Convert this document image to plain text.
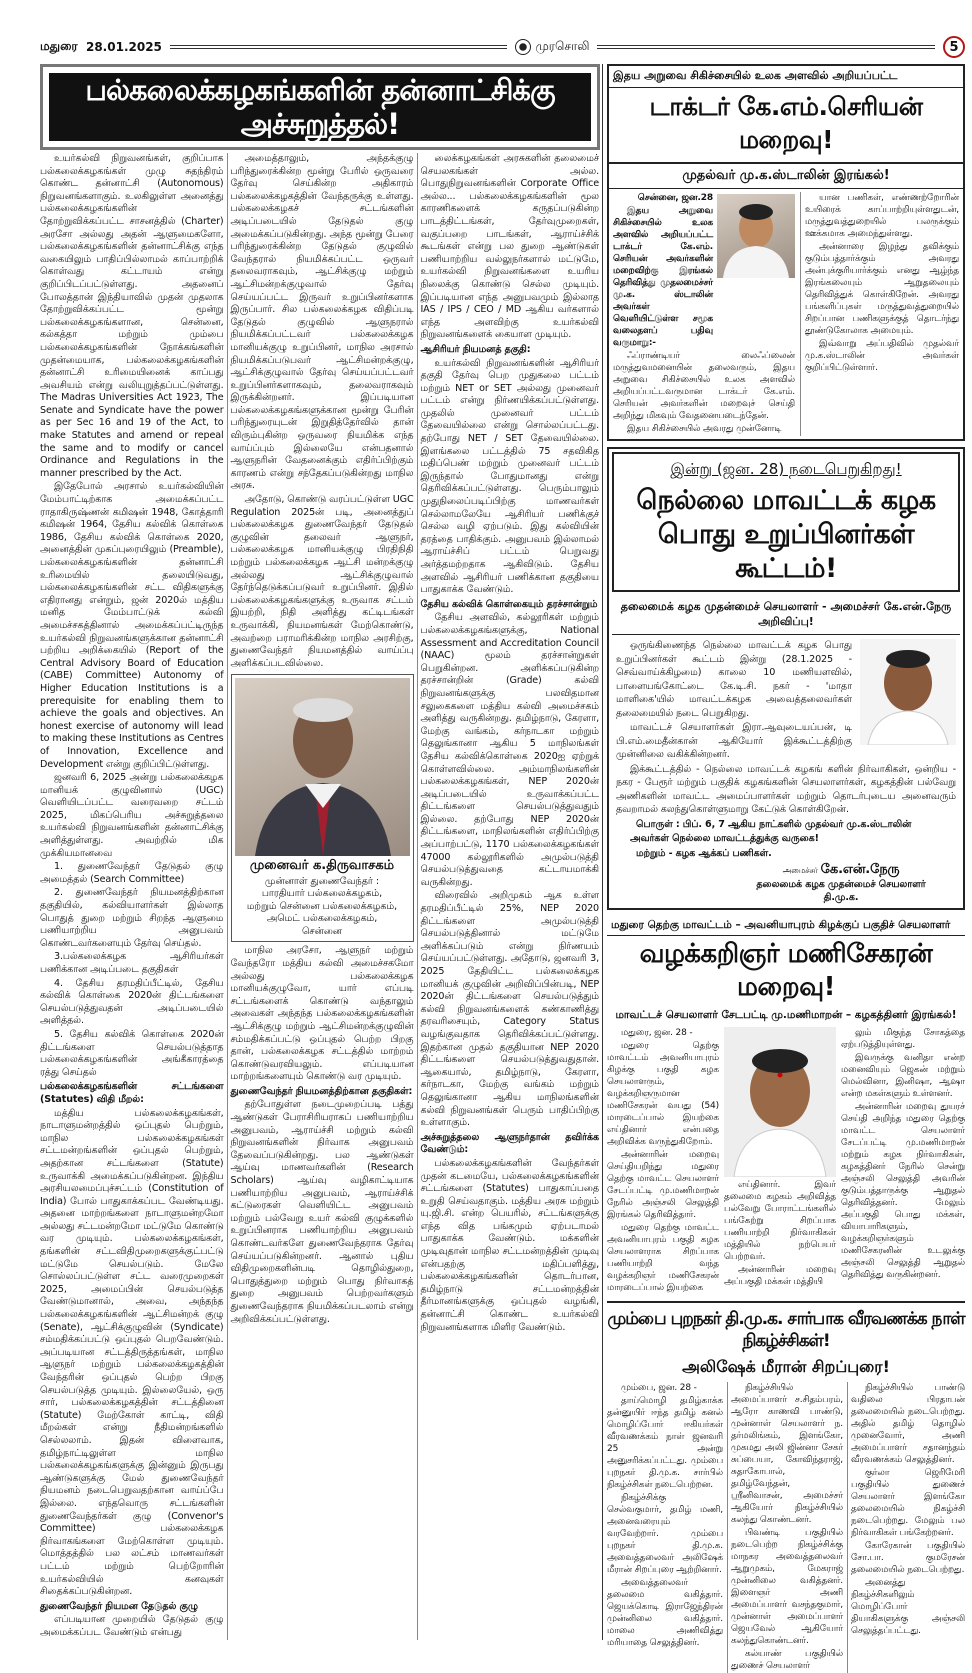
மதுரை
28.01.2025	முரசொலி	5
பல்கலைக்கழகங்களின் தன்னாட்சிக்கு அச்சுறுத்தல்!

உயர்கல்வி நிறுவனங்கள், குறிப்பாக பல்கலைக்கழகங்கள் முழு சுதந்திரம் கொண்ட தன்னாட்சி (Autonomous) நிறுவனங்களாகும். உலகிலுள்ள அனைத்து பல்கலைக்கழகங்களின் தோற்றுவிக்கப்பட்ட சாசனத்தில் (Charter) அரசோ அல்லது அதன் ஆளுமைகளோ, பல்கலைக்கழகங்களின் தன்னாட்சிக்கு எந்த வகையிலும் பாதிப்பில்லாமல் காப்பாற்றிக் கொள்வது கட்டாயம் என்று குறிப்பிடப்பட்டுள்ளது. அதனைப் போலத்தான் இந்தியாவில் முதன் முதலாக தோற்றுவிக்கப்பட்ட மூன்று பல்கலைக்கழகங்களான, சென்னை, கல்கத்தா மற்றும் மும்பை பல்கலைக்கழகங்களின் நோக்கங்களின் முதன்மையாக, பல்கலைக்கழகங்களின் தன்னாட்சி உரிமையினைக் காப்பது அவசியம் என்று வலியுறுத்தப்பட்டுள்ளது. The Madras Universities Act 1923, The Senate and Syndicate have the power as per Sec 16 and 19 of the Act, to make Statutes and amend or repeal the same and to modify or cancel Ordinance and Regulations in the manner prescribed by the Act.

இதேபோல் அரசால் உயர்கல்வியின் மேம்பாட்டிற்காக அமைக்கப்பட்ட ராதாகிருஷ்ணன் கமிஷன் 1948, கோத்தாரி கமிஷன் 1964, தேசிய கல்விக் கொள்கை 1986, தேசிய கல்விக் கொள்கை 2020, அனைத்தின் முகப்புரையிலும் (Preamble), பல்கலைக்கழகங்களின் தன்னாட்சி உரிமையில் தலையிடுவது, பல்கலைக்கழகங்களின் சட்ட விதிகளுக்கு எதிரானது என்றும், ஜன் 2020ல் மத்திய மனித மேம்பாட்டுக் கல்வி அமைச்சகத்தினால் அமைக்கப்பட்டிருந்த உயர்கல்வி நிறுவனங்களுக்கான தன்னாட்சி பற்றிய அறிக்கையில் (Report of the Central Advisory Board of Education (CABE) Committee) Autonomy of Higher Education Institutions is a prerequisite for enabling them to achieve the goals and objectives. An honest exercise of autonomy will lead to making these Institutions as Centres of Innovation, Excellence and Development என்று குறிப்பிட்டுள்ளது.

ஜனவரி 6, 2025 அன்று பல்கலைக்கழக மானியக் குழுவினால் (UGC) வெளியிடப்பட்ட வரைவறை சட்டம் 2025, மிகப்பெரிய அச்சுறுத்தலை உயர்கல்வி நிறுவனங்களின் தன்னாட்சிக்கு அளித்துள்ளது. அவற்றில் மிக முக்கியமானவை

1. துணைவேந்தர் தேடுதல் குழு அமைத்தல் (Search Committee)

2. துணைவேந்தர் நியமனத்திற்கான தகுதியில், கல்வியாளர்கள் இல்லாத பொதுத் துறை மற்றும் சிறந்த ஆளுமை பணியாற்றிய அனுபவம் கொண்டவர்களையும் தேர்வு செய்தல்.

3.பல்கலைக்கழக ஆசிரியர்கள் பணிக்கான அடிப்படை தகுதிகள்

4. தேசிய தரமதிப்பீட்டில், தேசிய கல்விக் கொள்கை 2020ன் திட்டங்களை செயல்படுத்துவதன் அடிப்படையில் அளித்தல்.

5. தேசிய கல்விக் கொள்கை 2020ன் திட்டங்களை செயல்படுத்தாத பல்கலைக்கழகங்களின் அங்கீகாரத்தை ரத்து செய்தல்

பல்கலைக்கழகங்களின் சட்டங்களை (Statutes) விதி மீறல்:

மத்திய பல்கலைக்கழகங்கள், நாடாளுமன்றத்தில் ஒப்புதல் பெற்றும், மாநில பல்கலைக்கழகங்கள் சட்டமன்றங்களின் ஒப்புதல் பெற்றும், அதற்கான சட்டங்களை (Statute) உருவாக்கி அமைக்கப்படுகின்றன. இந்திய அரசியலமைப்புச்சட்டம் (Constitution of India) போல் பாதுகாக்கப்பட வேண்டியது. அதனை மாற்றங்களை நாடாளுமன்றமோ அல்லது சட்டமன்றமோ மட்டுமே கொண்டு வர முடியும். பல்கலைக்கழகங்கள், தங்களின் சட்டவிதிமுறைகளுக்குட்பட்டு மட்டுமே செயல்படும். மேலே சொல்லப்பட்டுள்ள சட்ட வரைமுறைகள் 2025, அமைப்பின் செயல்படுத்த வேண்டுமானால், அவை, அந்தந்த பல்கலைக்கழகங்களின் ஆட்சிமன்றக் குழு (Senate), ஆட்சிக்குழுவின் (Syndicate) சம்மதிக்கப்பட்டு ஒப்புதல் பெறவேண்டும். அப்படியான சட்டத்திருத்தங்கள், மாநில ஆளுநர் மற்றும் பல்கலைக்கழகத்தின் வேந்தரின் ஒப்புதல் பெற்ற பிறகு செயல்படுத்த முடியும். இல்லையேல், ஒரு சார், பல்கலைக்கழகத்தின் சட்டத்தினை (Statute) மேற்கோள் காட்டி, விதி மீறல்கள் என்று நீதிமன்றங்களில் செல்லலாம். இதன் விளைவாக, தமிழ்நாட்டிலுள்ள மாநில பல்கலைக்கழகங்களுக்கு இன்னும் இருபது ஆண்டுகளுக்கு மேல் துணைவேந்தர் நியமனம் நடைபெறுவதற்கான வாய்ப்பே இல்லை. எந்தவொரு சட்டங்களின் துணைவேந்தர்கள் குழு (Convenor's Committee) பல்கலைக்கழக நிர்வாகங்களை மேற்கொள்ள முடியும். மொத்தத்தில் பல லட்சம் மாணவர்கள் பட்டம் மற்றும் பெற்றோரின் உயர்கல்வியில் கனவுகள் சிதைக்கப்படுகின்றன.

துணைவேந்தர் நியமன தேடுதல் குழு

எப்படியான முறையில் தேடுதல் குழு அமைக்கப்பட வேண்டும் என்பது

அமைத்தாலும், அந்தக்குழு பரிந்துரைக்கின்ற மூன்று பேரில் ஒருவரை தேர்வு செய்கின்ற அதிகாரம் பல்கலைக்கழகத்தின் வேந்தருக்கு உள்ளது. பல்கலைக்கழகச் சட்டங்களின் அடிப்படையில் தேடுதல் குழு அமைக்கப்படுகின்றது. அந்த மூன்று பேரை பரிந்துரைக்கின்ற தேடுதல் குழுவில் வேந்தரால் நியமிக்கப்பட்ட ஒருவர் தலைவராகவும், ஆட்சிக்குழு மற்றும் ஆட்சிமன்றக்குழுவால் தேர்வு செய்யப்பட்ட இருவர் உறுப்பினர்களாக இருப்பார். சில பல்கலைக்கழக விதிப்படி தேடுதல் குழுவில் ஆளுநரால் நியமிக்கப்பட்டவர் பல்கலைக்கழக மானியக்குழு உறுப்பினர், மாநில அரசால் நியமிக்கப்படுபவர் ஆட்சிமன்றக்குழு, ஆட்சிக்குழுவால் தேர்வு செய்யப்பட்டவர் உறுப்பினர்களாகவும், தலைவராகவும் இருக்கின்றனர். இப்படியான பல்கலைக்கழகங்களுக்கான மூன்று பேரின் பரிந்துரையுடன் இறுதித்தேர்வில் தான் விரும்புகின்ற ஒருவரை நியமிக்க எந்த வாய்ப்பும் இல்லையே என்பதனால் ஆளுநரின் வேதனைக்கும் எதிர்ப்பிற்கும் காரணம் என்று சந்தேகப்படுகின்றது மாநில அரசு.

அதோடு, கொண்டு வரப்பட்டுள்ள UGC Regulation 2025ன் படி, அனைத்துப் பல்கலைக்கழக துணைவேந்தர் தேடுதல் குழுவின் தலைவர் ஆளுநர், பல்கலைக்கழக மானியக்குழு பிரதிநிதி மற்றும் பல்கலைக்கழக ஆட்சி மன்றக்குழு அல்லது ஆட்சிக்குழுவால் தேர்ந்தெடுக்கப்படுவர் உறுப்பினர். இதில் பல்கலைக்கழகங்களுக்கு உருவாக சட்டம் இயற்றி, நிதி அளித்து கட்டிடங்கள் உருவாக்கி, நியமனங்கள் மேற்கொண்டு, அவற்றை பராமரிக்கின்ற மாநில அரசிற்கு, துணைவேந்தர் நியமனத்தில் வாய்ப்பு அளிக்கப்படவில்லை.

முனைவர் க.திருவாசகம்
முன்னாள் துணைவேந்தர் :
பாரதியார் பல்கலைக்கழகம்,
மற்றும் சென்னை பல்கலைக்கழகம்,
அமெட் பல்கலைக்கழகம்,
சென்னை

மாநில அரசோ, ஆளுநர் மற்றும் வேந்தரோ மத்திய கல்வி அமைச்சகமோ அல்லது பல்கலைக்கழக மானியக்குழுவோ, யார் எப்படி சட்டங்களைக் கொண்டு வந்தாலும் அவைகள் அந்தந்த பல்கலைக்கழகங்களின் ஆட்சிக்குழு மற்றும் ஆட்சிமன்றக்குழுவின் சம்மதிக்கப்பட்டு ஒப்புதல் பெற்ற பிறகு தான், பல்கலைக்கழக சட்டத்தில் மாற்றம் கொண்டுவரவியலும். எப்படியான மாற்றங்களையும் கொண்டு வர முடியும்.

துணைவேந்தர் நியமனத்திற்கான தகுதிகள்:

தற்போதுள்ள நடைமுறைப்படி பத்து ஆண்டுகள் பேராசிரியராகப் பணியாற்றிய அனுபவம், ஆராய்ச்சி மற்றும் கல்வி நிறுவனங்களின் நிர்வாக அனுபவம் தேவைப்படுகின்றது. பல ஆண்டுகள் ஆய்வு மாணவர்களின் (Research Scholars) ஆய்வு வழிகாட்டியாக பணியாற்றிய அனுபவம், ஆராய்ச்சிக் கட்டுரைகள் வெளியிட்ட அனுபவம் மற்றும் பல்வேறு உயர் கல்வி குழுக்களில் உறுப்பினராக பணியாற்றிய அனுபவம் கொண்டவர்களே துணைவேந்தராக தேர்வு செய்யப்படுகின்றனர். ஆனால் புதிய விதிமுறைகளின்படி தொழில்துறை, பொதுத்துறை மற்றும் பொது நிர்வாகத் துறை அனுபவம் பெற்றவர்களும் துணைவேந்தராக நியமிக்கப்படலாம் என்று அறிவிக்கப்பட்டுள்ளது.

லைக்கழகங்கள் அரசுகளின் தலைமைச் செயலகங்கள் அல்ல. பொதுநிறுவனங்களின் Corporate Office அல்ல... பல்கலைக்கழகங்களின் மூல காரணிகளைக் கருதப்படுகின்ற பாடத்திட்டங்கள், தேர்வுமுறைகள், வகுப்பறை பாடங்கள், ஆராய்ச்சிக் கூடங்கள் என்று பல துறை ஆண்டுகள் பணியாற்றிய வல்லுநர்களால் மட்டுமே, உயர்கல்வி நிறுவனங்களை உயரிய நிலைக்கு கொண்டு செல்ல முடியும். இப்படியான எந்த அனுபவமும் இல்லாத IAS / IPS / CEO / MD ஆகிய வர்களால் எந்த அளவிற்கு உயர்கல்வி நிறுவனங்களைக் கையாள முடியும்.

ஆசிரியர் நியமனத் தகுதி:

உயர்கல்வி நிறுவனங்களின் ஆசிரியர் தகுதி தேர்வு பெற முதுகலை பட்டம் மற்றும் NET or SET அல்லது முனைவர் பட்டம் என்று நிர்ணயிக்கப்பட்டுள்ளது. முதலில் முனைவர் பட்டம் தேவையில்லை என்று சொல்லப்பட்டது. தற்போது NET / SET தேவையில்லை. இளங்கலை பட்டத்தில் 75 சதவிகித மதிப்பெண் மற்றும் முனைவர் பட்டம் இருந்தால் போதுமானது என்று தெரிவிக்கப்பட்டுள்ளது. பெரும்பாலும் முதுநிலைப்படிப்பிற்கு மாணவர்கள் செல்லாமலேயே ஆசிரியர் பணிக்குச் செல்ல வழி ஏற்படும். இது கல்வியின் தரத்தை பாதிக்கும். அனுபவம் இல்லாமல் ஆராய்ச்சிப் பட்டம் பெறுவது அர்த்தமற்றதாக ஆகிவிடும். தேசிய அளவில் ஆசிரியர் பணிக்கான தகுதியை பாதுகாக்க வேண்டும்.

தேசிய கல்விக் கொள்கையும் தரச்சான்றும்

தேசிய அளவில், கல்லூரிகள் மற்றும் பல்கலைக்கழகங்களுக்கு, National Assessment and Accreditation Council (NAAC) மூலம் தரச்சான்றுகள் பெறுகின்றன. அளிக்கப்படுகின்ற தரச்சான்றின் (Grade) கல்வி நிறுவனங்களுக்கு பலவிதமான சலுகைகளை மத்திய கல்வி அமைச்சகம் அளித்து வருகின்றது. தமிழ்நாடு, கேரளா, மேற்கு வங்கம், கர்நாடகா மற்றும் தெலுங்கானா ஆகிய 5 மாநிலங்கள் தேசிய கல்விக்கொள்கை 2020ஐ ஏற்றுக் கொள்ளவில்லை. அம்மாநிலங்களின் பல்கலைக்கழகங்கள், NEP 2020ன் அடிப்படையில் உருவாக்கப்பட்ட திட்டங்களை செயல்படுத்துவதும் இல்லை. தற்போது NEP 2020ன் திட்டங்களை, மாநிலங்களின் எதிர்ப்பிற்கு அப்பாற்பட்டு, 1170 பல்கலைக்கழகங்கள் 47000 கல்லூரிகளில் அமுல்படுத்தி செயல்படுத்துவதை கட்டாயமாக்கி வருகின்றது.

விரைவில் அறிமுகம் ஆக உள்ள தரமதிப்பீட்டில் 25%, NEP 2020 திட்டங்களை அமுல்படுத்தி செயல்படுத்தினால் மட்டுமே அளிக்கப்படும் என்று நிர்ணயம் செய்யப்பட்டுள்ளது. அதோடு, ஜனவரி 3, 2025 தேதியிட்ட பல்கலைக்கழக மானியக் குழுவின் அறிவிப்பின்படி, NEP 2020ன் திட்டங்களை செயல்படுத்தும் கல்வி நிறுவனங்களைக் கண்காணித்து தரவரிசையும், Category Status வழங்குவதாக தெரிவிக்கப்பட்டுள்ளது. இதற்கான முதல் தகுதியான NEP 2020 திட்டங்களை செயல்படுத்துவதுதான். ஆகையால், தமிழ்நாடு, கேரளா, கர்நாடகா, மேற்கு வங்கம் மற்றும் தெலுங்கானா ஆகிய மாநிலங்களின் கல்வி நிறுவனங்கள் பெரும் பாதிப்பிற்கு உள்ளாகும்.

அச்சுறுத்தலை ஆளுநர்தான் தவிர்க்க வேண்டும்:

பல்கலைக்கழகங்களின் வேந்தர்கள் முதன் கடமையே, பல்கலைக்கழகங்களின் சட்டங்களை (Statutes) பாதுகாப்பதை உறுதி செய்வதாகும். மத்திய அரசு மற்றும் யு.ஜி.சி. என்ற பெயரில், சட்டங்களுக்கு எந்த வித பங்கமும் ஏற்படாமல் பாதுகாக்க வேண்டும். மக்களின் முடிவுதான் மாநில சட்டமன்றத்தின் முடிவு என்பதற்கு மதிப்பளித்து, பல்கலைக்கழகங்களின் தொடர்பான, தமிழ்நாடு சட்டமன்றத்தின் தீர்மானங்களுக்கு ஒப்புதல் வழங்கி, தன்னாட்சி கொண்ட உயர்கல்வி நிறுவனங்களாக மிளிர வேண்டும்.

இதய அறுவை சிகிச்சையில் உலக அளவில் அறியப்பட்ட
டாக்டர் கே.எம்.செரியன் மறைவு!
முதல்வர் மு.க.ஸ்டாலின் இரங்கல்!

சென்னை, ஜன.28

இதய அறுவை சிகிச்சையில் உலக அளவில் அறியப்பட்ட டாக்டர் கே.எம். செரியன் அவர்களின் மறைவிற்கு இரங்கல் தெரிவித்து முதலமைச்சர் மு.க. ஸ்டாலின் அவர்கள் வெளியிட்டுள்ள சமூக வலைதளப் பதிவு வருமாறு:-

ஃப்ராண்டியர் லைஃப்லைன் மருத்துவமனையின் தலைவரும், இதய அறுவை சிகிச்சையில் உலக அளவில் அறியப்பட்டவருமான டாக்டர் கே.எம். செரியன் அவர்களின் மறைவுச் செய்தி அறிந்து மிகவும் வேதனையடைந்தேன்.

இதய சிகிச்சையில் அவரது முன்னோடி

யான பணிகள், எண்ணற்றோரின் உயிரைக் காப்பாற்றியுள்ளதுடன், மருத்துவத்துறையில் பலருக்கும் ஊக்கமாக அமைந்துள்ளது.

அன்னாரை இழந்து தவிக்கும் குடும்பத்தார்க்கும் அவரது அன்புக்குரியார்க்கும் எனது ஆழ்ந்த இரங்கலையும் ஆறுதலையும் தெரிவித்துக் கொள்கிறேன். அவரது பங்களிப்புகள் மருத்துவத்துறையில் சிறப்பான பணிகளுக்குத் தொடர்ந்து தூண்டுகோலாக அமையும்.

இவ்வாறு அப்பதிவில் முதல்வர் மு.க.ஸ்டாலின் அவர்கள் குறிப்பிட்டுள்ளார்.

இன்று (ஜன. 28) நடைபெறுகிறது!
நெல்லை மாவட்டக் கழக
பொது உறுப்பினர்கள் கூட்டம்!
தலைமைக் கழக முதன்மைச் செயலாளர் - அமைச்சர் கே.என்.நேரு அறிவிப்பு!

ஒருங்கிணைந்த நெல்லை மாவட்டக் கழக பொது உறுப்பினர்கள் கூட்டம் இன்று (28.1.2025 - செவ்வாய்க்கிழமை) காலை 10 மணியளவில், பாளையங்கோட்டை கே.டி.சி. நகர் - 'மாதா மாளிகை'யில் மாவட்டக்கழக அவைத்தலைவர்கள் தலைமையில் நடை பெறுகிறது.

மாவட்டச் செயாளர்கள் இரா.ஆவுடையப்பன், டி பி.எம்.மைதீன்கான் ஆகியோர் இக்கூட்டத்திற்கு முன்னிலை வகிக்கின்றனர்.

இக்கூட்டத்தில் - நெல்லை மாவட்டக் கழகங் களின் நிர்வாகிகள், ஒன்றிய - நகர - பேரூர் மற்றும் பகுதிக் கழகங்களின் செயலாளர்கள், கழகத்தின் பல்வேறு அணிகளின் மாவட்ட அமைப்பாளர்கள் மற்றும் தொடர்புடைய அனைவரும் தவறாமல் கலந்துகொள்ளுமாறு கேட்டுக் கொள்கிறேன்.

பொருள் : பிப். 6, 7 ஆகிய நாட்களில் முதல்வர் மு.க.ஸ்டாலின்

அவர்கள் நெல்லை மாவட்டத்துக்கு வருகை!

மற்றும் - கழக ஆக்கப் பணிகள்.

அமைச்சர் கே.என்.நேரு
தலைமைக் கழக முதன்மைச் செயலாளர்
தி.மு.க.
மதுரை தெற்கு மாவட்டம் – அவனியாபுரம் கிழக்குப் பகுதிச் செயலாளர்
வழக்கறிஞர் மணிசேகரன் மறைவு!
மாவட்டச் செயலாளர் சேடபட்டி மு.மணிமாறன் – கழகத்தினர் இரங்கல்!

மதுரை, ஜன. 28 -

மதுரை தெற்கு மாவட்டம் அவனியாபுரம் கிழக்கு பகுதி கழக செயலாளரும், வழக்கறிஞருமான மணிசேகரன் வயது (54) மாரடைப்பால் இயற்கை எய்தினார் என்பதை அறிவிக்க வருந்துகிறோம்.

அன்னாரின் மறைவு செய்தியறிந்து மதுரை தெற்கு மாவட்ட செயலாளர் சேடப்பட்டி மு.மணிமாறன் நேரில் அஞ்சலி செலுத்தி இரங்கல் தெரிவித்தார்.

மதுரை தெற்கு மாவட்ட அவனியாபுரம் பகுதி கழக செயலாளராக சிறப்பாக பணியாற்றி வந்த வழக்கறிஞர் மணிசேகரன் மாரடைப்பால் இயற்கை

எய்தினார். இவர் தலைமை கழகம் அறிவித்த பல்வேறு போராட்டங்களில் பங்கேற்று சிறப்பாக பணியாற்றி நிர்வாகிகள் மத்தியில் நற்பெயர் பெற்றவர்.

அன்னாரின் மறைவு அப்பகுதி மக்கள் மத்தியி

லும் மிகுந்த சோகத்தை ஏற்படுத்தியுள்ளது.

இவருக்கு வனிதா என்ற மனைவியும் ஜெகன் மற்றும் மெல்வினா, இனிஷா, ஆஷா என்ற மகள்களும் உள்ளனர்.

அன்னாரின் மறைவு துயரச் செய்தி அறிந்த மதுரை தெற்கு மாவட்ட செயலாளர் சேடப்பட்டி மு.மணிமாறன் மற்றும் கழக நிர்வாகிகள், கழகத்தினர் நேரில் சென்று அஞ்சலி செலுத்தி அவரின் குடும்பத்தாருக்கு ஆறுதல் தெரிவித்தனர். மேலும் அப்பகுதி பொது மக்கள், வியாபாரிகளும், வழக்கறிஞர்களும் மணிசேகரனின் உடலுக்கு அஞ்சலி செலுத்தி ஆறுதல் தெரிவித்து வருகின்றனர்.

மும்பை புறநகர் தி.மு.க. சார்பாக வீரவணக்க நாள் நிகழ்ச்சிகள்!
அலிஷேக் மீரான் சிறப்புரை!

மும்பை, ஜன. 28 -

தாய்மொழி தமிழ்காக்க தன்னுயிர் ஈந்த தமிழ் கனல் மொழிப்போர் ஈகியர்கள் வீரவணக்கம் நாள் ஜனவரி 25 அன்று அனுசரிக்கப்பட்டது. மும்பை புறநகர் தி.மு.க. சார்பில் நிகழ்ச்சிகள் நடைபெற்றன.

நிகழ்ச்சிக்கு செல்வகுமார், தமிழ் மணி, அனைவரையும் வரவேற்றார். மும்பை புறநகர் தி.மு.க. அவைத்தலைவர் அலிஷேக் மீரான் சிறப்புரை ஆற்றினார்.

அவைத்தலைவர் தலைமை வகித்தார். ஜெயக்கொடி இராஜேந்திரன் முன்னிலை வகித்தார். மாலை அணிவித்து மரியாதை செலுத்தினர்.

நிகழ்ச்சியில் அமைப்பாளர் ச.சிதம்பரம், ஆரோ காணவி பாண்டு, முன்னாள் செயலாளர் ந. தர்மலிங்கம், இளங்கோ, முகமது அலி ஜின்னா சேகர் சுப்பையா, கோவிந்தராஜ், சுதாகோபால், தமிழ்வேந்தன், ஸ்ரீனிவாசன், அமைச்சர் ஆகியோர் நிகழ்ச்சியில் கலந்து கொண்டனர்.

பிவண்டி பகுதியில் நடைபெற்ற நிகழ்ச்சிக்கு மாநகர அவைத்தலைவர் ஆறுமுகம், மேகராஜ் முன்னிலை வகித்தனர். இளைஞர் அணி அமைப்பாளர் வசந்தகுமார், முன்னாள் அமைப்பாளர் ஜெயவேல் ஆகியோர் கலந்துகொண்டனர்.

கல்யாண் பகுதியில் துணைச் செயலாளர்

நிகழ்ச்சியில் பாண்டு வதிலை பிரதாபன் தலைமையில் நடைபெற்றது. அதில் தமிழ் தொழில் முனைவோர், அணி அமைப்பாளர் சதானந்தம் வீரவணக்கம் செலுத்தினர்.

குர்லா ஜெரிமேரி பகுதியில் துணைச் செயலாளர் இளங்கோ தலைமையில் நிகழ்ச்சி நடைபெற்றது. மேலும் பல நிர்வாகிகள் பங்கேற்றனர்.

கோரேகான் பகுதியில் சோ.பா. குமரேசன் தலைமையில் நடைபெற்றது.

அனைத்து நிகழ்ச்சிகளிலும் மொழிப்போர் தியாகிகளுக்கு அஞ்சலி செலுத்தப்பட்டது.
